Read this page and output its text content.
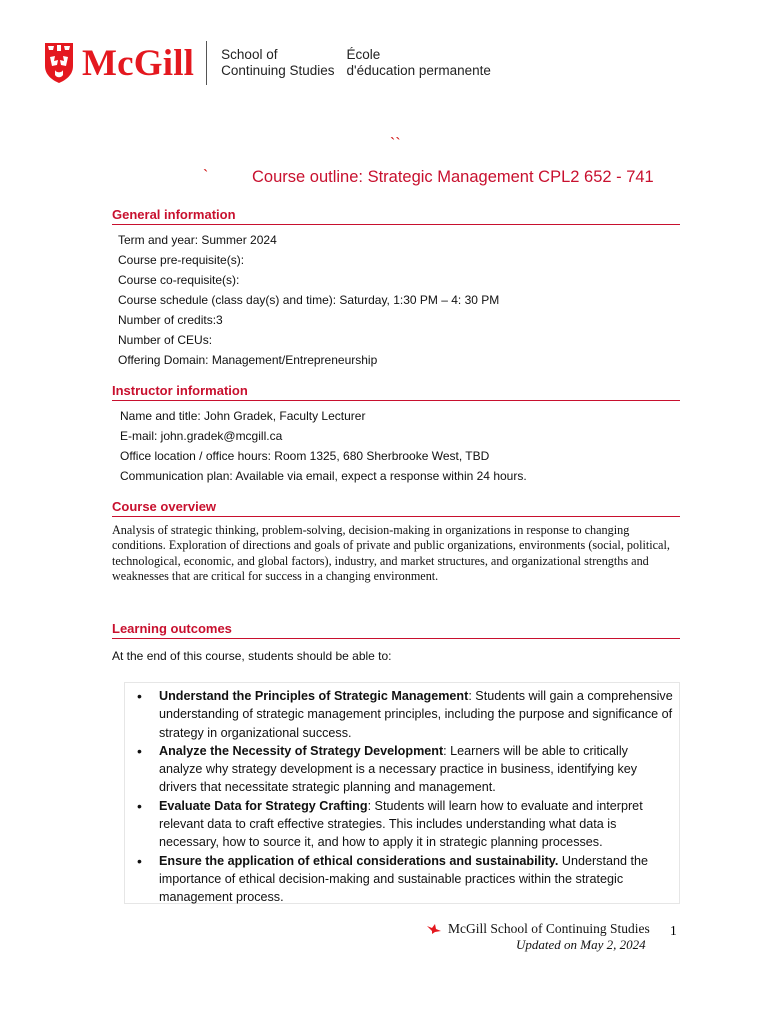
McGill School of
Continuing Studies
École
d'éducation permanente
``
`	Course outline: Strategic Management CPL2 652 - 741
General information
Term and year: Summer 2024
Course pre-requisite(s):
Course co-requisite(s):
Course schedule (class day(s) and time): Saturday, 1:30 PM – 4: 30 PM
Number of credits:3
Number of CEUs:
Offering Domain: Management/Entrepreneurship
Instructor information
Name and title: John Gradek, Faculty Lecturer
E-mail: john.gradek@mcgill.ca
Office location / office hours: Room 1325, 680 Sherbrooke West, TBD
Communication plan: Available via email, expect a response within 24 hours.
Course overview

Analysis of strategic thinking, problem-solving, decision-making in organizations in response to changing conditions. Exploration of directions and goals of private and public organizations, environments (social, political, technological, economic, and global factors), industry, and market structures, and organizational strengths and weaknesses that are critical for success in a changing environment.

Learning outcomes

At the end of this course, students should be able to:

• Understand the Principles of Strategic Management: Students will gain a comprehensive understanding of strategic management principles, including the purpose and significance of strategy in organizational success.
• Analyze the Necessity of Strategy Development: Learners will be able to critically analyze why strategy development is a necessary practice in business, identifying key drivers that necessitate strategic planning and management.
• Evaluate Data for Strategy Crafting: Students will learn how to evaluate and interpret relevant data to craft effective strategies. This includes understanding what data is necessary, how to source it, and how to apply it in strategic planning processes.
• Ensure the application of ethical considerations and sustainability. Understand the importance of ethical decision-making and sustainable practices within the strategic management process.
McGill School of Continuing Studies
Updated on May 2, 2024
1
